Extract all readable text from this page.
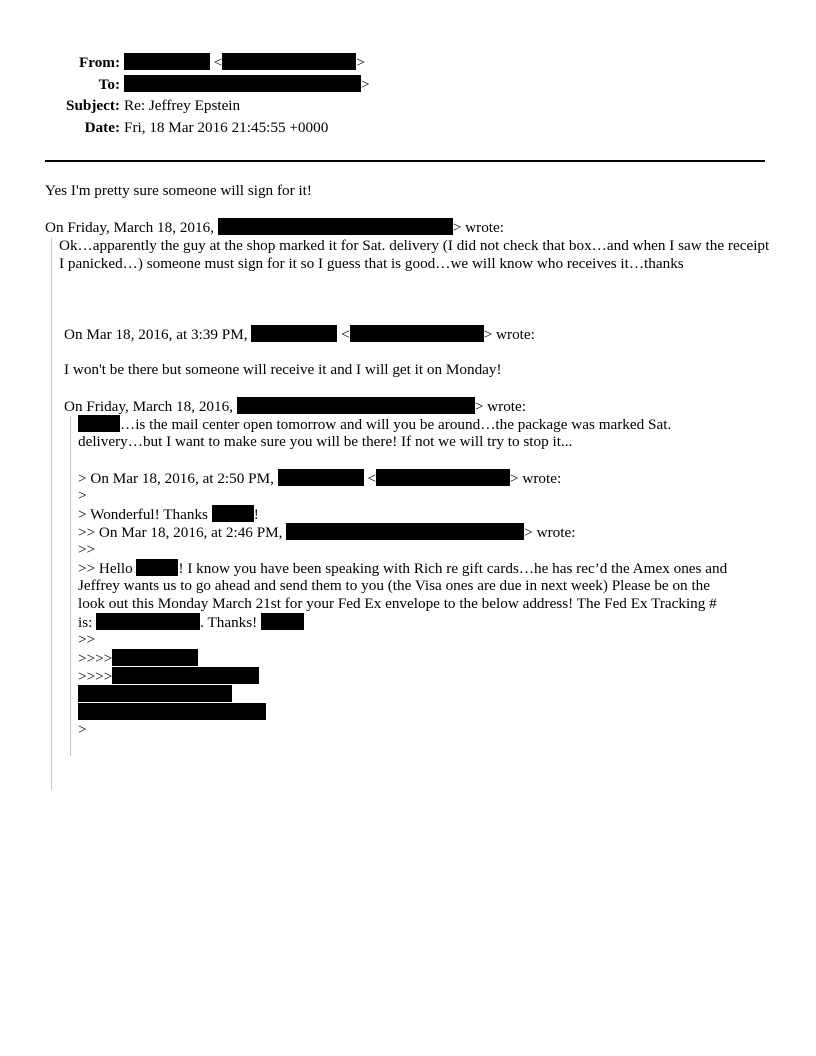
From:	<	>
To:	>
Subject: Re: Jeffrey Epstein
Date: Fri, 18 Mar 2016 21:45:55 +0000
Yes I'm pretty sure someone will sign for it!
On Friday, March 18, 2016,	> wrote:
Ok…apparently the guy at the shop marked it for Sat. delivery (I did not check that box…and when I saw the receipt I panicked…) someone must sign for it so I guess that is good…we will know who receives it…thanks
On Mar 18, 2016, at 3:39 PM,	<	> wrote:
I won't be there but someone will receive it and I will get it on Monday!
On Friday, March 18, 2016,	> wrote:
…is the mail center open tomorrow and will you be around…the package was marked Sat.
delivery…but I want to make sure you will be there! If not we will try to stop it...
> On Mar 18, 2016, at 2:50 PM,	<	> wrote:
>
> Wonderful! Thanks	!
>> On Mar 18, 2016, at 2:46 PM,	> wrote:
>>
>> Hello	! I know you have been speaking with Rich re gift cards…he has rec’d the Amex ones and
Jeffrey wants us to go ahead and send them to you (the Visa ones are due in next week) Please be on the
look out this Monday March 21st for your Fed Ex envelope to the below address! The Fed Ex Tracking #
is:	. Thanks!
>>
>>>>
>>>>
>
